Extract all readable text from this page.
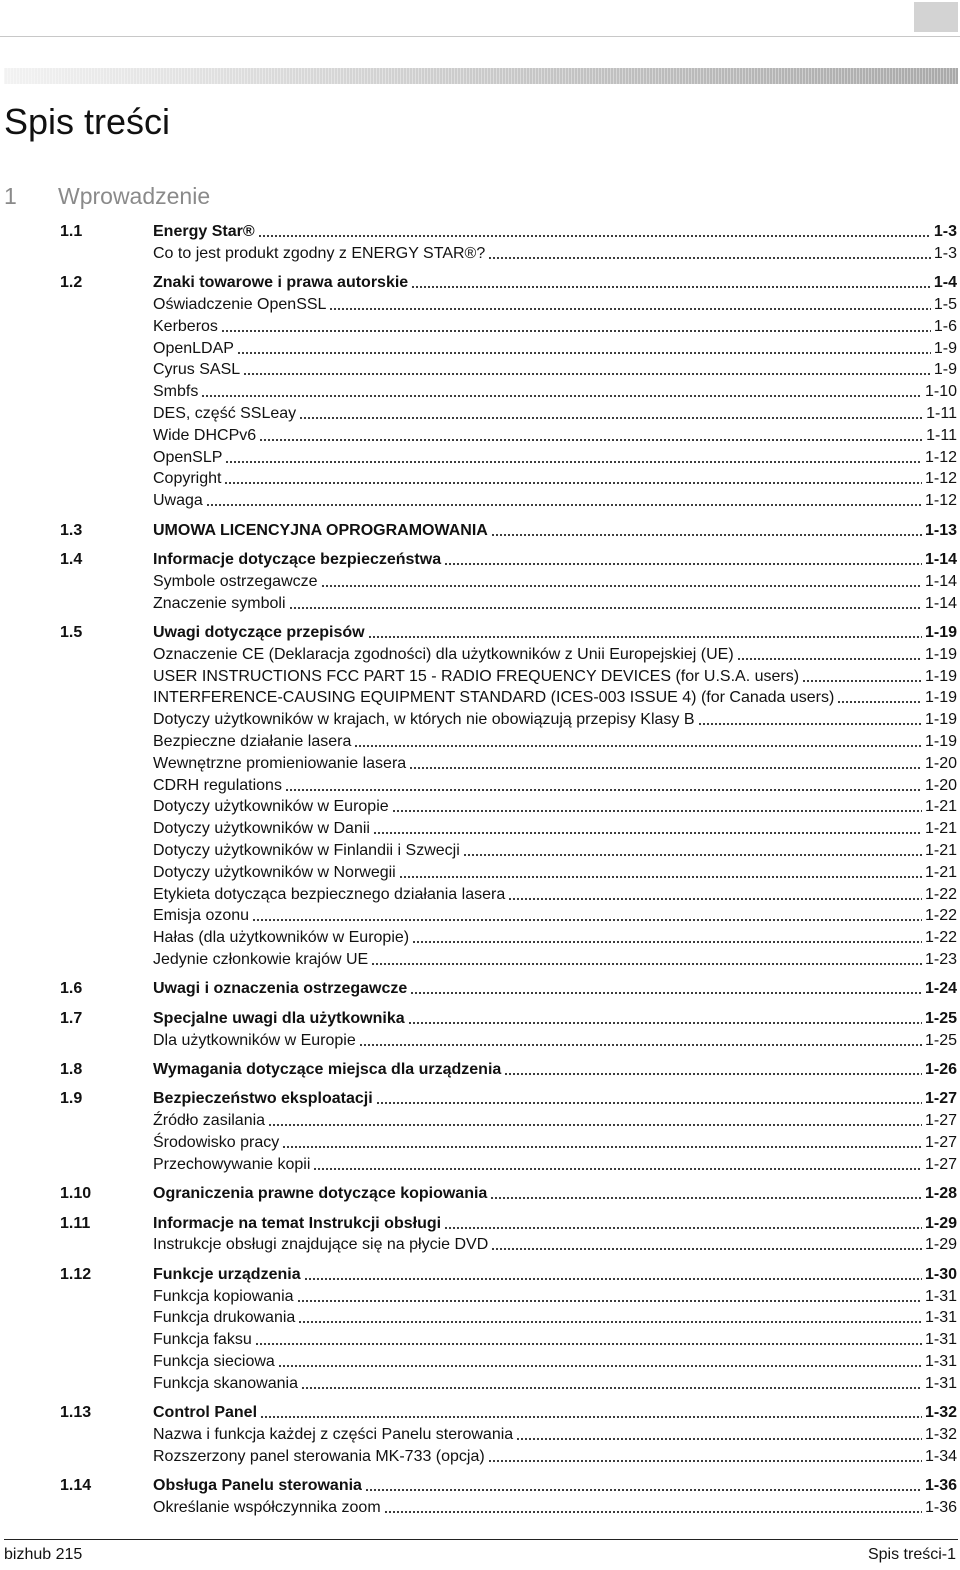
Spis treści
1 Wprowadzenie
1.1	Energy Star®	1-3
Co to jest produkt zgodny z ENERGY STAR®?	1-3
1.2	Znaki towarowe i prawa autorskie	1-4
Oświadczenie OpenSSL	1-5
Kerberos	1-6
OpenLDAP	1-9
Cyrus SASL	1-9
Smbfs	1-10
DES, część SSLeay	1-11
Wide DHCPv6	1-11
OpenSLP	1-12
Copyright	1-12
Uwaga	1-12
1.3	UMOWA LICENCYJNA OPROGRAMOWANIA	1-13
1.4	Informacje dotyczące bezpieczeństwa	1-14
Symbole ostrzegawcze	1-14
Znaczenie symboli	1-14
1.5	Uwagi dotyczące przepisów	1-19
Oznaczenie CE (Deklaracja zgodności) dla użytkowników z Unii Europejskiej (UE)	1-19
USER INSTRUCTIONS FCC PART 15 - RADIO FREQUENCY DEVICES (for U.S.A. users)	1-19
INTERFERENCE-CAUSING EQUIPMENT STANDARD (ICES-003 ISSUE 4) (for Canada users)	1-19
Dotyczy użytkowników w krajach, w których nie obowiązują przepisy Klasy B	1-19
Bezpieczne działanie lasera	1-19
Wewnętrzne promieniowanie lasera	1-20
CDRH regulations	1-20
Dotyczy użytkowników w Europie	1-21
Dotyczy użytkowników w Danii	1-21
Dotyczy użytkowników w Finlandii i Szwecji	1-21
Dotyczy użytkowników w Norwegii	1-21
Etykieta dotycząca bezpiecznego działania lasera	1-22
Emisja ozonu	1-22
Hałas (dla użytkowników w Europie)	1-22
Jedynie członkowie krajów UE	1-23
1.6	Uwagi i oznaczenia ostrzegawcze	1-24
1.7	Specjalne uwagi dla użytkownika	1-25
Dla użytkowników w Europie	1-25
1.8	Wymagania dotyczące miejsca dla urządzenia	1-26
1.9	Bezpieczeństwo eksploatacji	1-27
Źródło zasilania	1-27
Środowisko pracy	1-27
Przechowywanie kopii	1-27
1.10	Ograniczenia prawne dotyczące kopiowania	1-28
1.11	Informacje na temat Instrukcji obsługi	1-29
Instrukcje obsługi znajdujące się na płycie DVD	1-29
1.12	Funkcje urządzenia	1-30
Funkcja kopiowania	1-31
Funkcja drukowania	1-31
Funkcja faksu	1-31
Funkcja sieciowa	1-31
Funkcja skanowania	1-31
1.13	Control Panel	1-32
Nazwa i funkcja każdej z części Panelu sterowania	1-32
Rozszerzony panel sterowania MK-733 (opcja)	1-34
1.14	Obsługa Panelu sterowania	1-36
Określanie współczynnika zoom	1-36
bizhub 215	Spis treści-1
